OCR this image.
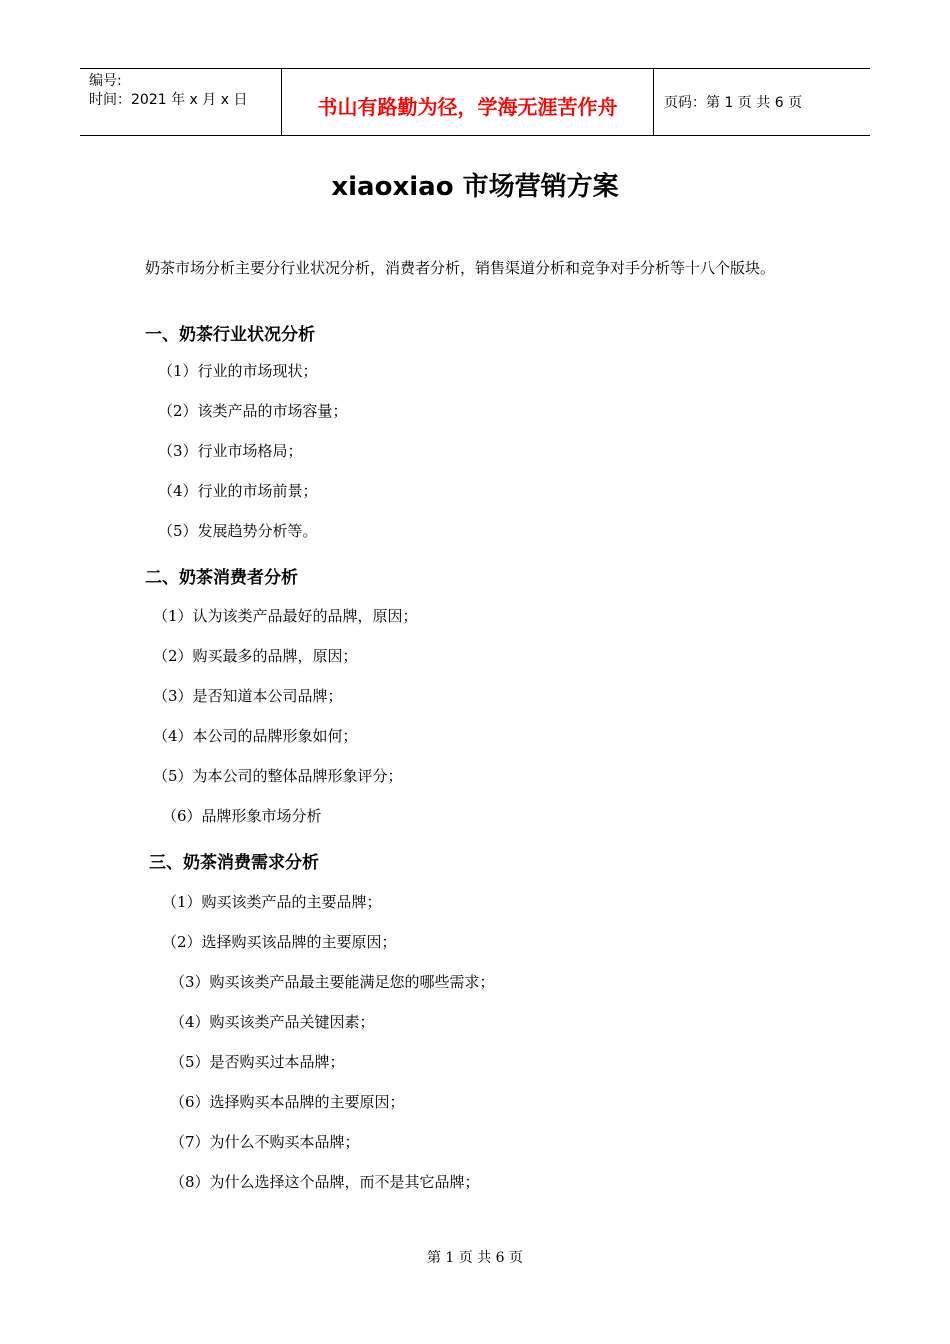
编号:
时间：2021 年 x 月 x 日	书山有路勤为径，学海无涯苦作舟	页码：第 1 页 共 6 页
xiaoxiao 市场营销方案

奶茶市场分析主要分行业状况分析，消费者分析，销售渠道分析和竞争对手分析等十八个版块。

一、奶茶行业状况分析

（1）行业的市场现状；

（2）该类产品的市场容量；

（3）行业市场格局；

（4）行业的市场前景；

（5）发展趋势分析等。

二、奶茶消费者分析

（1）认为该类产品最好的品牌，原因；

（2）购买最多的品牌，原因；

（3）是否知道本公司品牌；

（4）本公司的品牌形象如何；

（5）为本公司的整体品牌形象评分；

（6）品牌形象市场分析

三、奶茶消费需求分析

（1）购买该类产品的主要品牌；

（2）选择购买该品牌的主要原因；

（3）购买该类产品最主要能满足您的哪些需求；

（4）购买该类产品关键因素；

（5）是否购买过本品牌；

（6）选择购买本品牌的主要原因；

（7）为什么不购买本品牌；

（8）为什么选择这个品牌，而不是其它品牌；

第 1 页 共 6 页
